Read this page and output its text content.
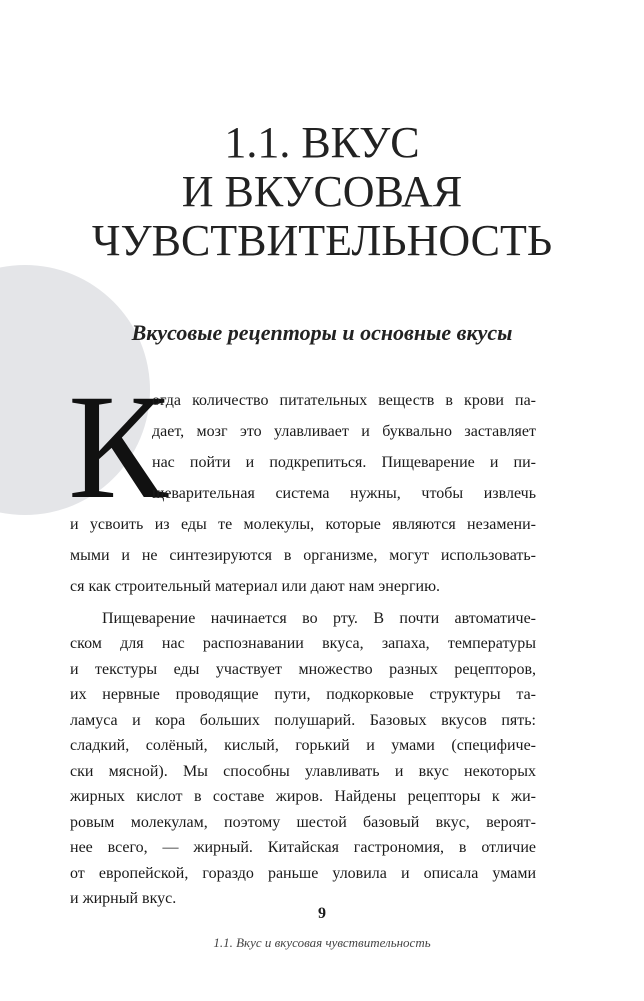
1.1. ВКУС
И ВКУСОВАЯ
ЧУВСТВИТЕЛЬНОСТЬ
Вкусовые рецепторы и основные вкусы
К
огда количество питательных веществ в крови па-
дает, мозг это улавливает и буквально заставляет
нас пойти и подкрепиться. Пищеварение и пи-
щеварительная система нужны, чтобы извлечь
и усвоить из еды те молекулы, которые являются незамени-
мыми и не синтезируются в организме, могут использовать-
ся как строительный материал или дают нам энергию.
Пищеварение начинается во рту. В почти автоматиче-
ском для нас распознавании вкуса, запаха, температуры
и текстуры еды участвует множество разных рецепторов,
их нервные проводящие пути, подкорковые структуры та-
ламуса и кора больших полушарий. Базовых вкусов пять:
сладкий, солёный, кислый, горький и умами (специфиче-
ски мясной). Мы способны улавливать и вкус некоторых
жирных кислот в составе жиров. Найдены рецепторы к жи-
ровым молекулам, поэтому шестой базовый вкус, вероят-
нее всего, — жирный. Китайская гастрономия, в отличие
от европейской, гораздо раньше уловила и описала умами
и жирный вкус.
9
1.1. Вкус и вкусовая чувствительность
